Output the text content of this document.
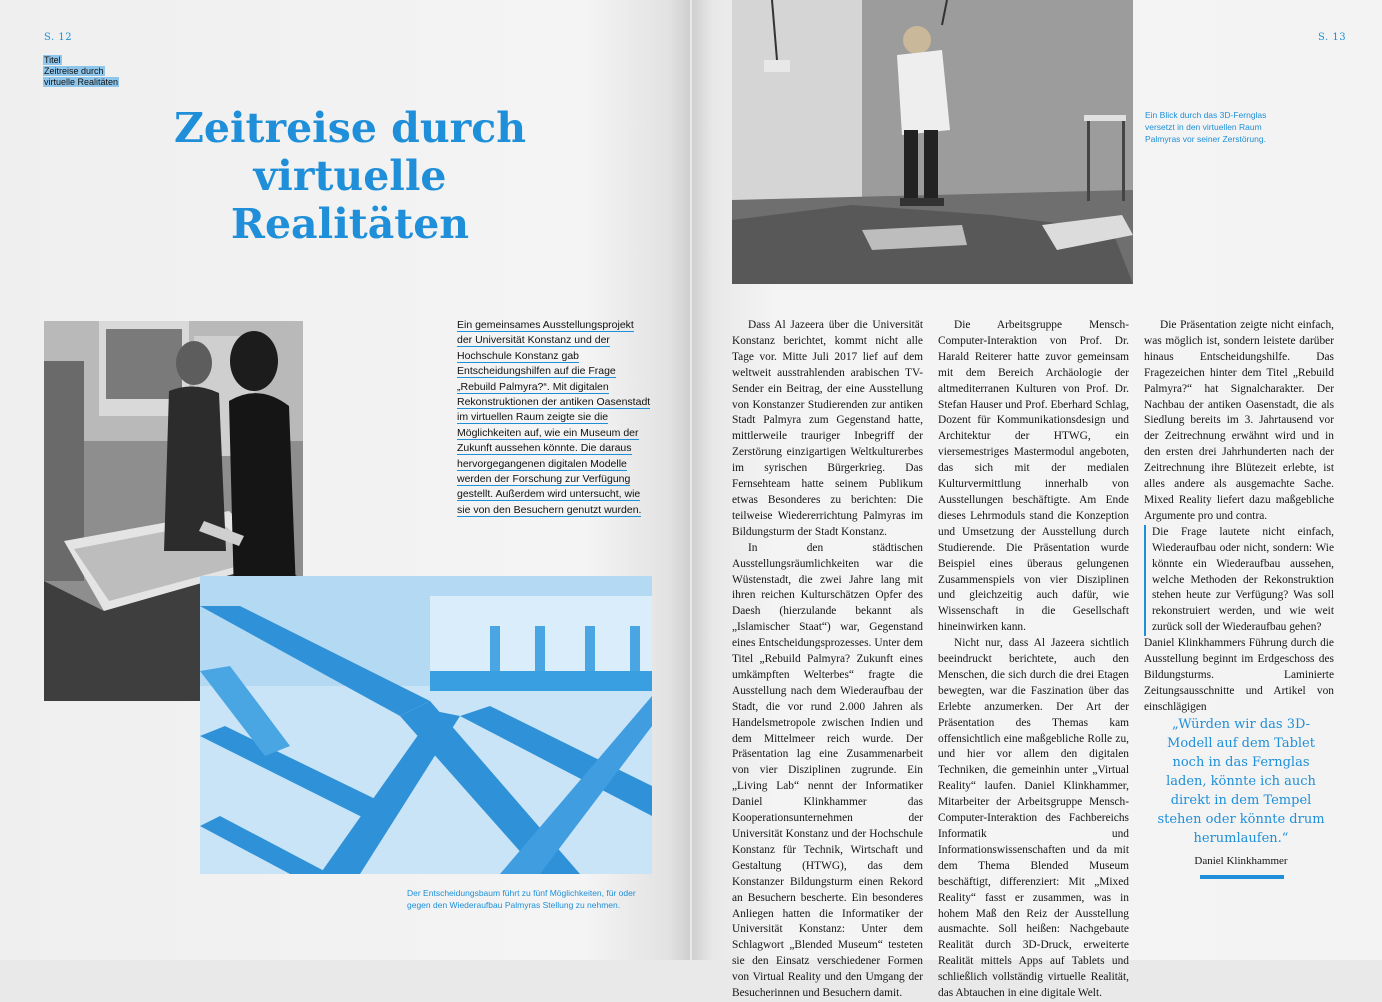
S. 12
Titel
Zeitreise durch
virtuelle Realitäten
Zeitreise durch
virtuelle
Realitäten
Ein gemeinsames Ausstellungsprojekt der Universität Konstanz und der Hochschule Konstanz gab Entscheidungshilfen auf die Frage „Rebuild Palmyra?“. Mit digitalen Rekonstruktionen der antiken Oasenstadt im virtuellen Raum zeigte sie die Möglichkeiten auf, wie ein Museum der Zukunft aussehen könnte. Die daraus hervorgegangenen digitalen Modelle werden der Forschung zur Verfügung gestellt. Außerdem wird untersucht, wie sie von den Besuchern genutzt wurden.
Der Entscheidungsbaum führt zu fünf Möglichkeiten, für oder gegen den Wiederaufbau Palmyras Stellung zu nehmen.
S. 13
Ein Blick durch das 3D-Fernglas versetzt in den virtuellen Raum Palmyras vor seiner Zerstörung.

Dass Al Jazeera über die Universität Konstanz berichtet, kommt nicht alle Tage vor. Mitte Juli 2017 lief auf dem weltweit ausstrahlenden arabischen TV-Sender ein Beitrag, der eine Ausstellung von Konstanzer Studierenden zur antiken Stadt Palmyra zum Gegenstand hatte, mittlerweile trauriger Inbegriff der Zerstörung einzigartigen Weltkulturerbes im syrischen Bürgerkrieg. Das Fernsehteam hatte seinem Publikum etwas Besonderes zu berichten: Die teilweise Wiedererrichtung Palmyras im Bildungsturm der Stadt Konstanz.

In den städtischen Ausstellungsräumlichkeiten war die Wüstenstadt, die zwei Jahre lang mit ihren reichen Kulturschätzen Opfer des Daesh (hierzulande bekannt als „Islamischer Staat“) war, Gegenstand eines Entscheidungsprozesses. Unter dem Titel „Rebuild Palmyra? Zukunft eines umkämpften Welterbes“ fragte die Ausstellung nach dem Wiederaufbau der Stadt, die vor rund 2.000 Jahren als Handelsmetropole zwischen Indien und dem Mittelmeer reich wurde. Der Präsentation lag eine Zusammenarbeit von vier Disziplinen zugrunde. Ein „Living Lab“ nennt der Informatiker Daniel Klinkhammer das Kooperationsunternehmen der Universität Konstanz und der Hochschule Konstanz für Technik, Wirtschaft und Gestaltung (HTWG), das dem Konstanzer Bildungsturm einen Rekord an Besuchern bescherte. Ein besonderes Anliegen hatten die Informatiker der Universität Konstanz: Unter dem Schlagwort „Blended Museum“ testeten sie den Einsatz verschiedener Formen von Virtual Reality und den Umgang der Besucherinnen und Besuchern damit.

Die Arbeitsgruppe Mensch-Computer-Interaktion von Prof. Dr. Harald Reiterer hatte zuvor gemeinsam mit dem Bereich Archäologie der altmediterranen Kulturen von Prof. Dr. Stefan Hauser und Prof. Eberhard Schlag, Dozent für Kommunikationsdesign und Architektur der HTWG, ein viersemestriges Mastermodul angeboten, das sich mit der medialen Kulturvermittlung innerhalb von Ausstellungen beschäftigte. Am Ende dieses Lehrmoduls stand die Konzeption und Umsetzung der Ausstellung durch Studierende. Die Präsentation wurde Beispiel eines überaus gelungenen Zusammenspiels von vier Disziplinen und gleichzeitig auch dafür, wie Wissenschaft in die Gesellschaft hineinwirken kann.

Nicht nur, dass Al Jazeera sichtlich beeindruckt berichtete, auch den Menschen, die sich durch die drei Etagen bewegten, war die Faszination über das Erlebte anzumerken. Der Art der Präsentation des Themas kam offensichtlich eine maßgebliche Rolle zu, und hier vor allem den digitalen Techniken, die gemeinhin unter „Virtual Reality“ laufen. Daniel Klinkhammer, Mitarbeiter der Arbeitsgruppe Mensch-Computer-Interaktion des Fachbereichs Informatik und Informationswissenschaften und da mit dem Thema Blended Museum beschäftigt, differenziert: Mit „Mixed Reality“ fasst er zusammen, was in hohem Maß den Reiz der Ausstellung ausmachte. Soll heißen: Nachgebaute Realität durch 3D-Druck, erweiterte Realität mittels Apps auf Tablets und schließlich vollständig virtuelle Realität, das Abtauchen in eine digitale Welt.

Die Präsentation zeigte nicht einfach, was möglich ist, sondern leistete darüber hinaus Entscheidungshilfe. Das Fragezeichen hinter dem Titel „Rebuild Palmyra?“ hat Signalcharakter. Der Nachbau der antiken Oasenstadt, die als Siedlung bereits im 3. Jahrtausend vor der Zeitrechnung erwähnt wird und in den ersten drei Jahrhunderten nach der Zeitrechnung ihre Blütezeit erlebte, ist alles andere als ausgemachte Sache. Mixed Reality liefert dazu maßgebliche Argumente pro und contra.

Die Frage lautete nicht einfach, Wiederaufbau oder nicht, sondern: Wie könnte ein Wiederaufbau aussehen, welche Methoden der Rekonstruktion stehen heute zur Verfügung? Was soll rekonstruiert werden, und wie weit zurück soll der Wiederaufbau gehen?

Daniel Klinkhammers Führung durch die Ausstellung beginnt im Erdgeschoss des Bildungsturms. Laminierte Zeitungsausschnitte und Artikel von einschlägigen

„Würden wir das 3D-Modell auf dem Tablet noch in das Fernglas laden, könnte ich auch direkt in dem Tempel stehen oder könnte drum herumlaufen.“
Daniel Klinkhammer
